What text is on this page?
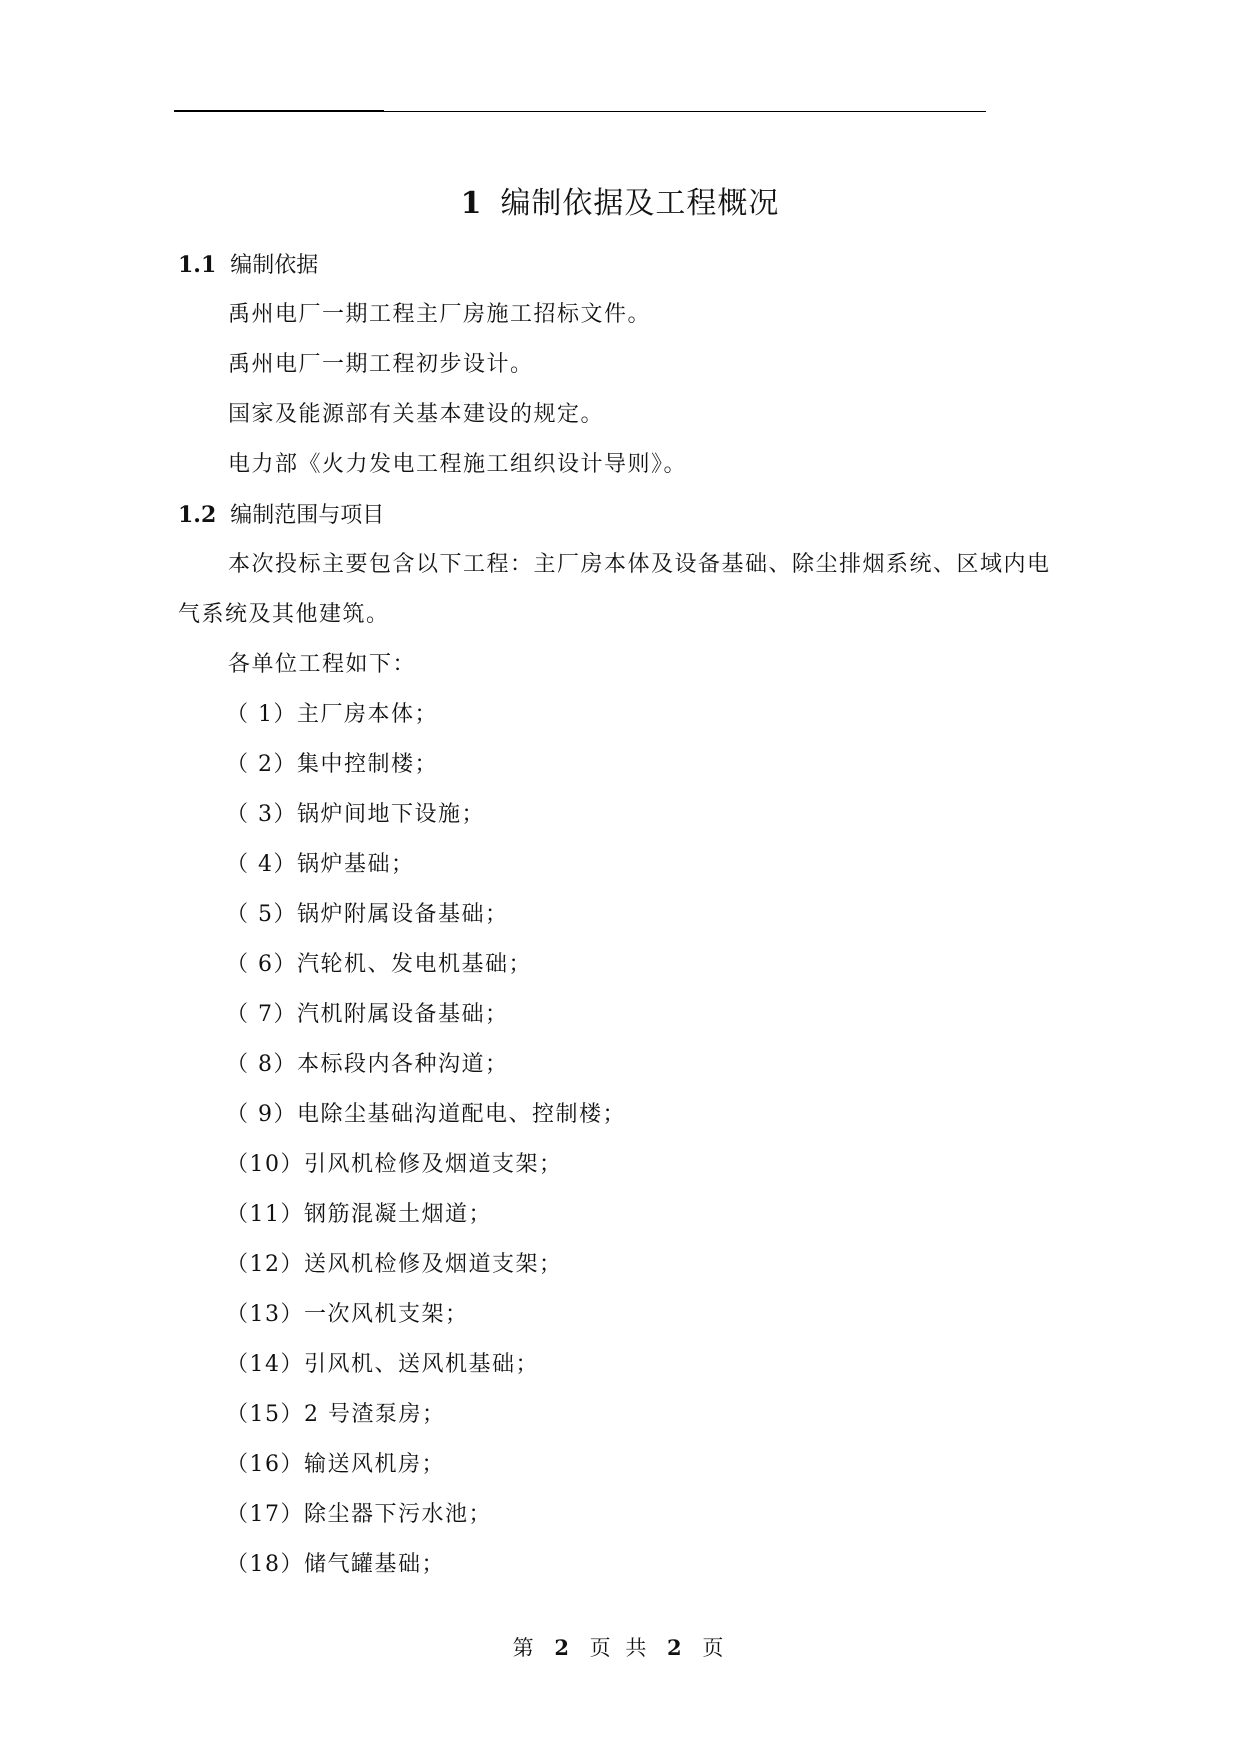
1 编制依据及工程概况
1.1 编制依据

禹州电厂一期工程主厂房施工招标文件。

禹州电厂一期工程初步设计。

国家及能源部有关基本建设的规定。

电力部《火力发电工程施工组织设计导则》。

1.2 编制范围与项目

本次投标主要包含以下工程：主厂房本体及设备基础、除尘排烟系统、区域内电

气系统及其他建筑。

各单位工程如下：

（ 1）主厂房本体；

（ 2）集中控制楼；

（ 3）锅炉间地下设施；

（ 4）锅炉基础；

（ 5）锅炉附属设备基础；

（ 6）汽轮机、发电机基础；

（ 7）汽机附属设备基础；

（ 8）本标段内各种沟道；

（ 9）电除尘基础沟道配电、控制楼；

（10）引风机检修及烟道支架；

（11）钢筋混凝土烟道；

（12）送风机检修及烟道支架；

（13）一次风机支架；

（14）引风机、送风机基础；

（15）2 号渣泵房；

（16）输送风机房；

（17）除尘器下污水池；

（18）储气罐基础；

第 2 页 共 2 页
